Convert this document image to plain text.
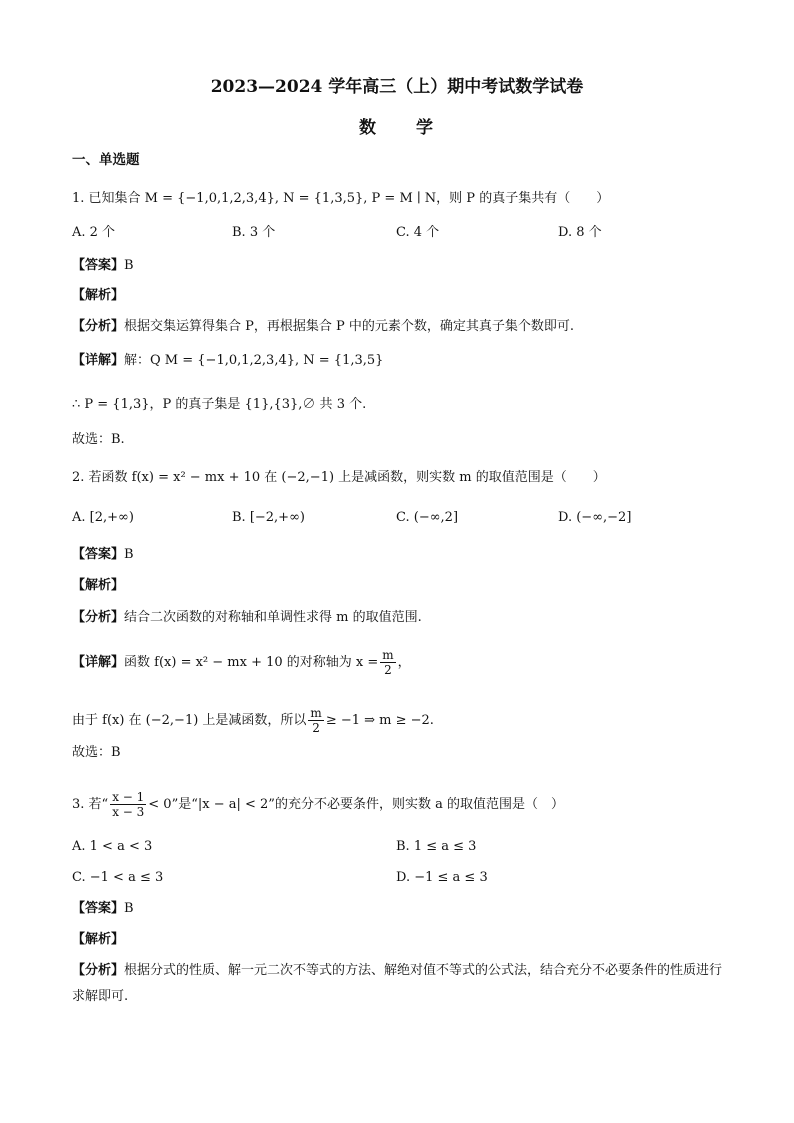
2023—2024 学年高三（上）期中考试数学试卷
数　　学
一、单选题
1. 已知集合 M = {−1,0,1,2,3,4}, N = {1,3,5}, P = M ∣ N，则 P 的真子集共有（　　）
A. 2 个	B. 3 个	C. 4 个	D. 8 个
【答案】B
【解析】
【分析】根据交集运算得集合 P，再根据集合 P 中的元素个数，确定其真子集个数即可.
【详解】解：Q M = {−1,0,1,2,3,4}, N = {1,3,5}
∴ P = {1,3}，P 的真子集是 {1},{3},∅ 共 3 个.
故选：B.
2. 若函数 f(x) = x² − mx + 10 在 (−2,−1) 上是减函数，则实数 m 的取值范围是（　　）
A. [2,+∞)	B. [−2,+∞)	C. (−∞,2]	D. (−∞,−2]
【答案】B
【解析】
【分析】结合二次函数的对称轴和单调性求得 m 的取值范围.
【详解】函数 f(x) = x² − mx + 10 的对称轴为 $x = \frac{m}{2}$ ，
由于 f(x) 在 (−2,−1) 上是减函数，所以 $\frac{m}{2} \ge -1$ ⇒ m ≥ −2.
故选：B
3. 若“ $\frac{x - 1}{x - 3} < 0$”是“|x − a| < 2”的充分不必要条件，则实数 a 的取值范围是（　）
A. 1 < a < 3	B. 1 ≤ a ≤ 3
C. −1 < a ≤ 3	D. −1 ≤ a ≤ 3
【答案】B
【解析】
【分析】根据分式的性质、解一元二次不等式的方法、解绝对值不等式的公式法，结合充分不必要条件的性质进行求解即可.
